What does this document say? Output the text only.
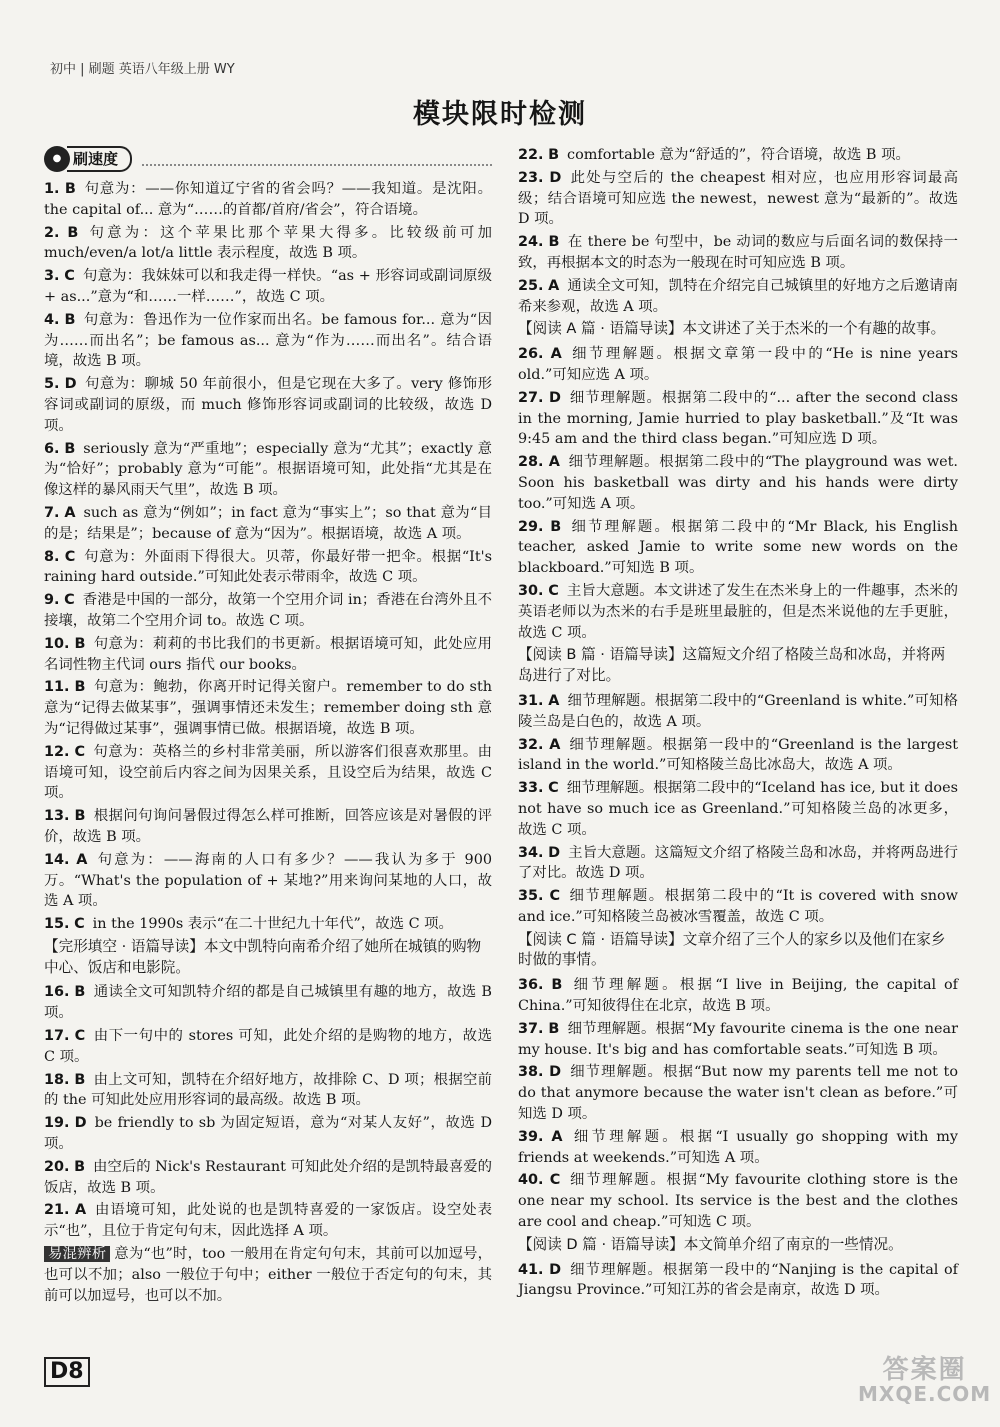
初中 | 刷题 英语八年级上册 WY
模块限时检测
● 刷速度
1. B 句意为：——你知道辽宁省的省会吗？——我知道。是沈阳。the capital of... 意为“……的首都/首府/省会”，符合语境。
2. B 句意为：这个苹果比那个苹果大得多。比较级前可加 much/even/a lot/a little 表示程度，故选 B 项。
3. C 句意为：我妹妹可以和我走得一样快。“as + 形容词或副词原级 + as...”意为“和……一样……”，故选 C 项。
4. B 句意为：鲁迅作为一位作家而出名。be famous for... 意为“因为……而出名”；be famous as... 意为“作为……而出名”。结合语境，故选 B 项。
5. D 句意为：聊城 50 年前很小，但是它现在大多了。very 修饰形容词或副词的原级，而 much 修饰形容词或副词的比较级，故选 D 项。
6. B seriously 意为“严重地”；especially 意为“尤其”；exactly 意为“恰好”；probably 意为“可能”。根据语境可知，此处指“尤其是在像这样的暴风雨天气里”，故选 B 项。
7. A such as 意为“例如”；in fact 意为“事实上”；so that 意为“目的是；结果是”；because of 意为“因为”。根据语境，故选 A 项。
8. C 句意为：外面雨下得很大。贝蒂，你最好带一把伞。根据“It's raining hard outside.”可知此处表示带雨伞，故选 C 项。
9. C 香港是中国的一部分，故第一个空用介词 in；香港在台湾外且不接壤，故第二个空用介词 to。故选 C 项。
10. B 句意为：莉莉的书比我们的书更新。根据语境可知，此处应用名词性物主代词 ours 指代 our books。
11. B 句意为：鲍勃，你离开时记得关窗户。remember to do sth 意为“记得去做某事”，强调事情还未发生；remember doing sth 意为“记得做过某事”，强调事情已做。根据语境，故选 B 项。
12. C 句意为：英格兰的乡村非常美丽，所以游客们很喜欢那里。由语境可知，设空前后内容之间为因果关系，且设空后为结果，故选 C 项。
13. B 根据问句询问暑假过得怎么样可推断，回答应该是对暑假的评价，故选 B 项。
14. A 句意为：——海南的人口有多少？——我认为多于 900 万。“What's the population of + 某地?”用来询问某地的人口，故选 A 项。
15. C in the 1990s 表示“在二十世纪九十年代”，故选 C 项。
【完形填空 · 语篇导读】本文中凯特向南希介绍了她所在城镇的购物中心、饭店和电影院。
16. B 通读全文可知凯特介绍的都是自己城镇里有趣的地方，故选 B 项。
17. C 由下一句中的 stores 可知，此处介绍的是购物的地方，故选 C 项。
18. B 由上文可知，凯特在介绍好地方，故排除 C、D 项；根据空前的 the 可知此处应用形容词的最高级。故选 B 项。
19. D be friendly to sb 为固定短语，意为“对某人友好”，故选 D 项。
20. B 由空后的 Nick's Restaurant 可知此处介绍的是凯特最喜爱的饭店，故选 B 项。
21. A 由语境可知，此处说的也是凯特喜爱的一家饭店。设空处表示“也”，且位于肯定句句末，因此选择 A 项。
易混辨析 意为“也”时，too 一般用在肯定句句末，其前可以加逗号，也可以不加；also 一般位于句中；either 一般位于否定句的句末，其前可以加逗号，也可以不加。
22. B comfortable 意为“舒适的”，符合语境，故选 B 项。
23. D 此处与空后的 the cheapest 相对应，也应用形容词最高级；结合语境可知应选 the newest，newest 意为“最新的”。故选 D 项。
24. B 在 there be 句型中，be 动词的数应与后面名词的数保持一致，再根据本文的时态为一般现在时可知应选 B 项。
25. A 通读全文可知，凯特在介绍完自己城镇里的好地方之后邀请南希来参观，故选 A 项。
【阅读 A 篇 · 语篇导读】本文讲述了关于杰米的一个有趣的故事。
26. A 细节理解题。根据文章第一段中的“He is nine years old.”可知应选 A 项。
27. D 细节理解题。根据第二段中的“... after the second class in the morning, Jamie hurried to play basketball.”及“It was 9:45 am and the third class began.”可知应选 D 项。
28. A 细节理解题。根据第二段中的“The playground was wet. Soon his basketball was dirty and his hands were dirty too.”可知选 A 项。
29. B 细节理解题。根据第二段中的“Mr Black, his English teacher, asked Jamie to write some new words on the blackboard.”可知选 B 项。
30. C 主旨大意题。本文讲述了发生在杰米身上的一件趣事，杰米的英语老师以为杰米的右手是班里最脏的，但是杰米说他的左手更脏，故选 C 项。
【阅读 B 篇 · 语篇导读】这篇短文介绍了格陵兰岛和冰岛，并将两岛进行了对比。
31. A 细节理解题。根据第二段中的“Greenland is white.”可知格陵兰岛是白色的，故选 A 项。
32. A 细节理解题。根据第一段中的“Greenland is the largest island in the world.”可知格陵兰岛比冰岛大，故选 A 项。
33. C 细节理解题。根据第二段中的“Iceland has ice, but it does not have so much ice as Greenland.”可知格陵兰岛的冰更多，故选 C 项。
34. D 主旨大意题。这篇短文介绍了格陵兰岛和冰岛，并将两岛进行了对比。故选 D 项。
35. C 细节理解题。根据第二段中的“It is covered with snow and ice.”可知格陵兰岛被冰雪覆盖，故选 C 项。
【阅读 C 篇 · 语篇导读】文章介绍了三个人的家乡以及他们在家乡时做的事情。
36. B 细节理解题。根据“I live in Beijing, the capital of China.”可知彼得住在北京，故选 B 项。
37. B 细节理解题。根据“My favourite cinema is the one near my house. It's big and has comfortable seats.”可知选 B 项。
38. D 细节理解题。根据“But now my parents tell me not to do that anymore because the water isn't clean as before.”可知选 D 项。
39. A 细节理解题。根据“I usually go shopping with my friends at weekends.”可知选 A 项。
40. C 细节理解题。根据“My favourite clothing store is the one near my school. Its service is the best and the clothes are cool and cheap.”可知选 C 项。
【阅读 D 篇 · 语篇导读】本文简单介绍了南京的一些情况。
41. D 细节理解题。根据第一段中的“Nanjing is the capital of Jiangsu Province.”可知江苏的省会是南京，故选 D 项。
D8	答案圈
MXQE.COM
